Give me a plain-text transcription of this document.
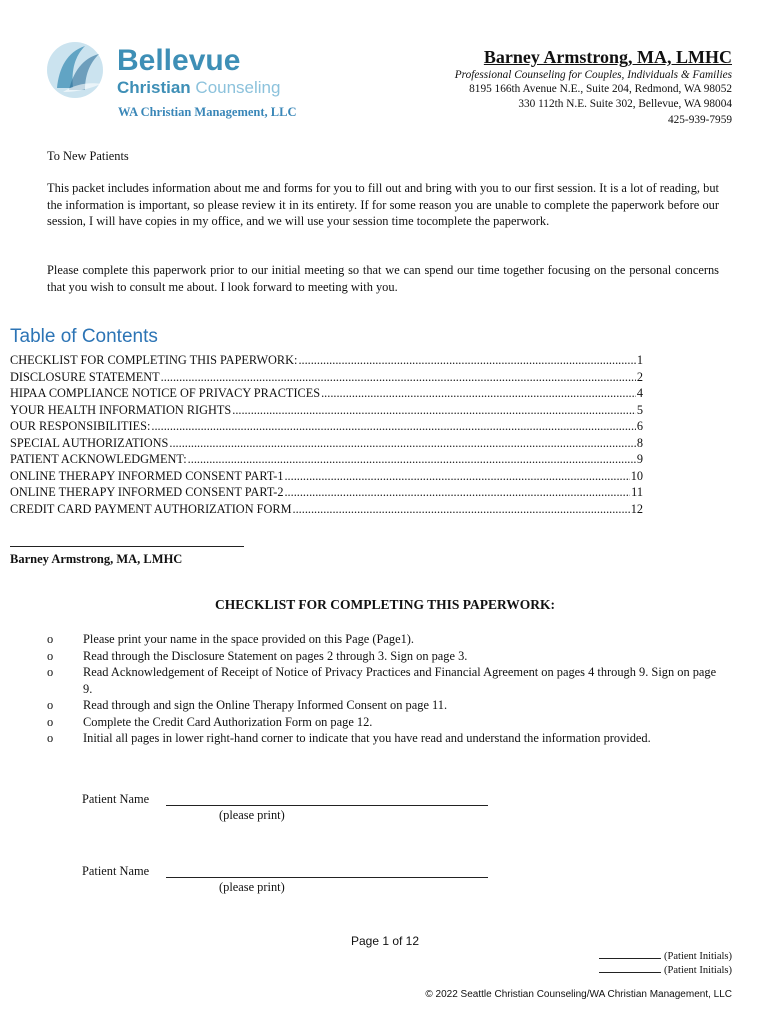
Bellevue
Christian Counseling
WA Christian Management, LLC
Barney Armstrong, MA, LMHC
Professional Counseling for Couples, Individuals & Families
8195 166th Avenue N.E., Suite 204, Redmond, WA 98052
330 112th N.E. Suite 302, Bellevue, WA 98004
425-939-7959
To New Patients
This packet includes information about me and forms for you to fill out and bring with you to our first session. It is a lot of reading, but the information is important, so please review it in its entirety. If for some reason you are unable to complete the paperwork before our session, I will have copies in my office, and we will use your session time tocomplete the paperwork.
Please complete this paperwork prior to our initial meeting so that we can spend our time together focusing on the personal concerns that you wish to consult me about. I look forward to meeting with you.
Table of Contents
CHECKLIST FOR COMPLETING THIS PAPERWORK: .....	1
DISCLOSURE STATEMENT .....	2
HIPAA COMPLIANCE NOTICE OF PRIVACY PRACTICES .....	4
YOUR HEALTH INFORMATION RIGHTS .....	5
OUR RESPONSIBILITIES: .....	6
SPECIAL AUTHORIZATIONS .....	8
PATIENT ACKNOWLEDGMENT: .....	9
ONLINE THERAPY INFORMED CONSENT PART-1 .....	10
ONLINE THERAPY INFORMED CONSENT PART-2 .....	11
CREDIT CARD PAYMENT AUTHORIZATION FORM .....	12
Barney Armstrong, MA, LMHC
CHECKLIST FOR COMPLETING THIS PAPERWORK:
o	Please print your name in the space provided on this Page (Page1).
o	Read through the Disclosure Statement on pages 2 through 3. Sign on page 3.
o	Read Acknowledgement of Receipt of Notice of Privacy Practices and Financial Agreement on pages 4 through 9. Sign on page 9.
o	Read through and sign the Online Therapy Informed Consent on page 11.
o	Complete the Credit Card Authorization Form on page 12.
o	Initial all pages in lower right-hand corner to indicate that you have read and understand the information provided.
Patient Name
(please print)
Patient Name
(please print)
Page 1 of 12
(Patient Initials)
(Patient Initials)
© 2022 Seattle Christian Counseling/WA Christian Management, LLC
